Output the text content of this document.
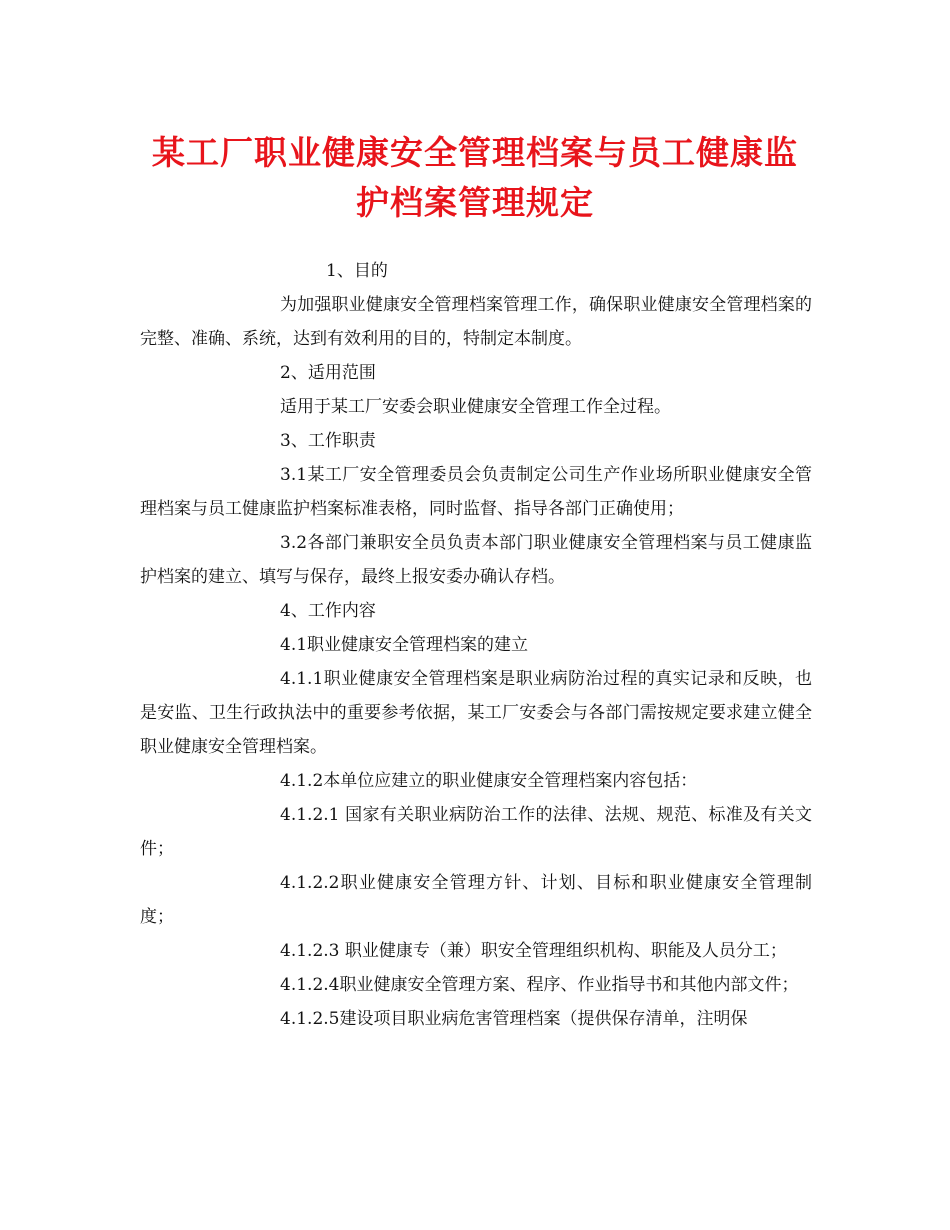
某工厂职业健康安全管理档案与员工健康监
护档案管理规定

1、目的

为加强职业健康安全管理档案管理工作，确保职业健康安全管理档案的完整、准确、系统，达到有效利用的目的，特制定本制度。

2、适用范围

适用于某工厂安委会职业健康安全管理工作全过程。

3、工作职责

3.1某工厂安全管理委员会负责制定公司生产作业场所职业健康安全管理档案与员工健康监护档案标准表格，同时监督、指导各部门正确使用；

3.2各部门兼职安全员负责本部门职业健康安全管理档案与员工健康监护档案的建立、填写与保存，最终上报安委办确认存档。

4、工作内容

4.1职业健康安全管理档案的建立

4.1.1职业健康安全管理档案是职业病防治过程的真实记录和反映，也是安监、卫生行政执法中的重要参考依据，某工厂安委会与各部门需按规定要求建立健全职业健康安全管理档案。

4.1.2本单位应建立的职业健康安全管理档案内容包括：

4.1.2.1 国家有关职业病防治工作的法律、法规、规范、标准及有关文件；

4.1.2.2职业健康安全管理方针、计划、目标和职业健康安全管理制度；

4.1.2.3 职业健康专（兼）职安全管理组织机构、职能及人员分工；

4.1.2.4职业健康安全管理方案、程序、作业指导书和其他内部文件；

4.1.2.5建设项目职业病危害管理档案（提供保存清单，注明保
